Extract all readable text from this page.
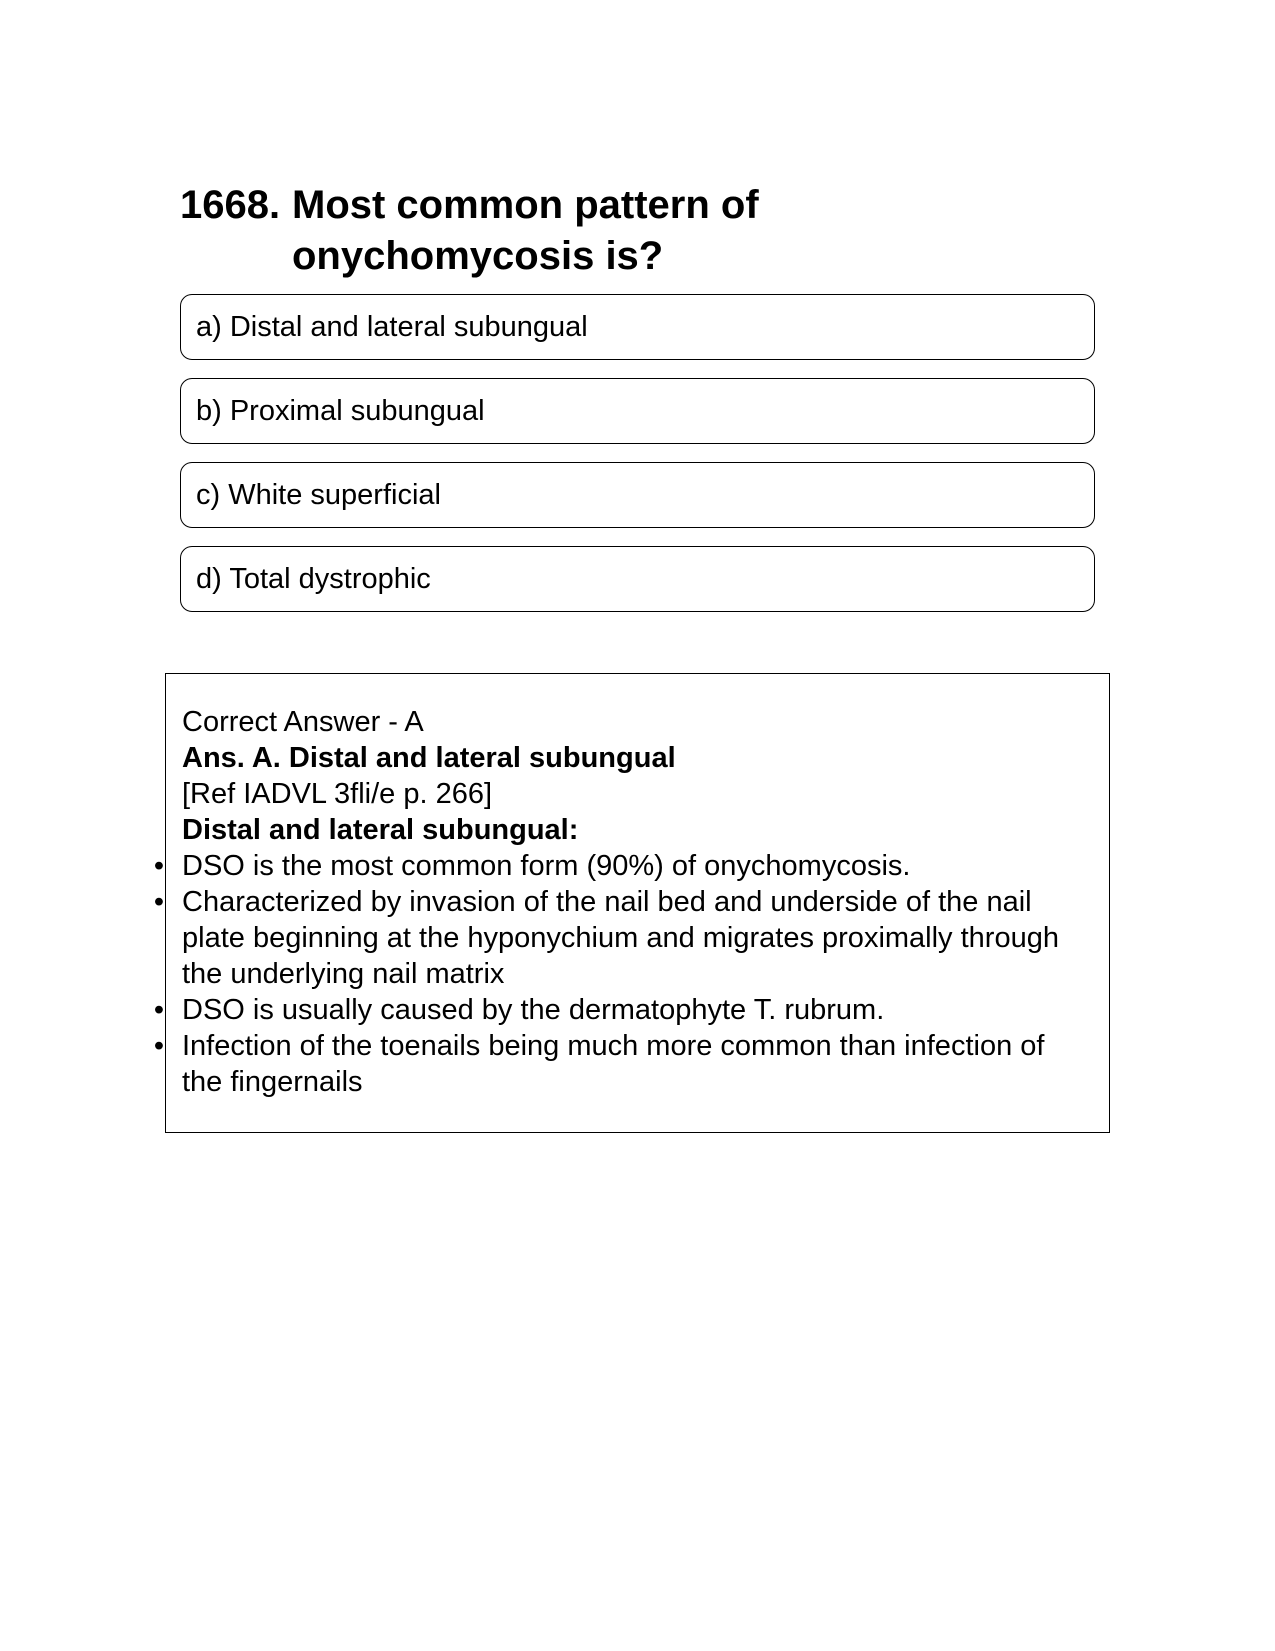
1668. Most common pattern of onychomycosis is?
a) Distal and lateral subungual
b) Proximal subungual
c) White superficial
d) Total dystrophic

Correct Answer - A

Ans. A. Distal and lateral subungual

[Ref IADVL 3fli/e p. 266]

Distal and lateral subungual:

• DSO is the most common form (90%) of onychomycosis.
• Characterized by invasion of the nail bed and underside of the nail plate beginning at the hyponychium and migrates proximally through the underlying nail matrix
• DSO is usually caused by the dermatophyte T. rubrum.
• Infection of the toenails being much more common than infection of the fingernails
